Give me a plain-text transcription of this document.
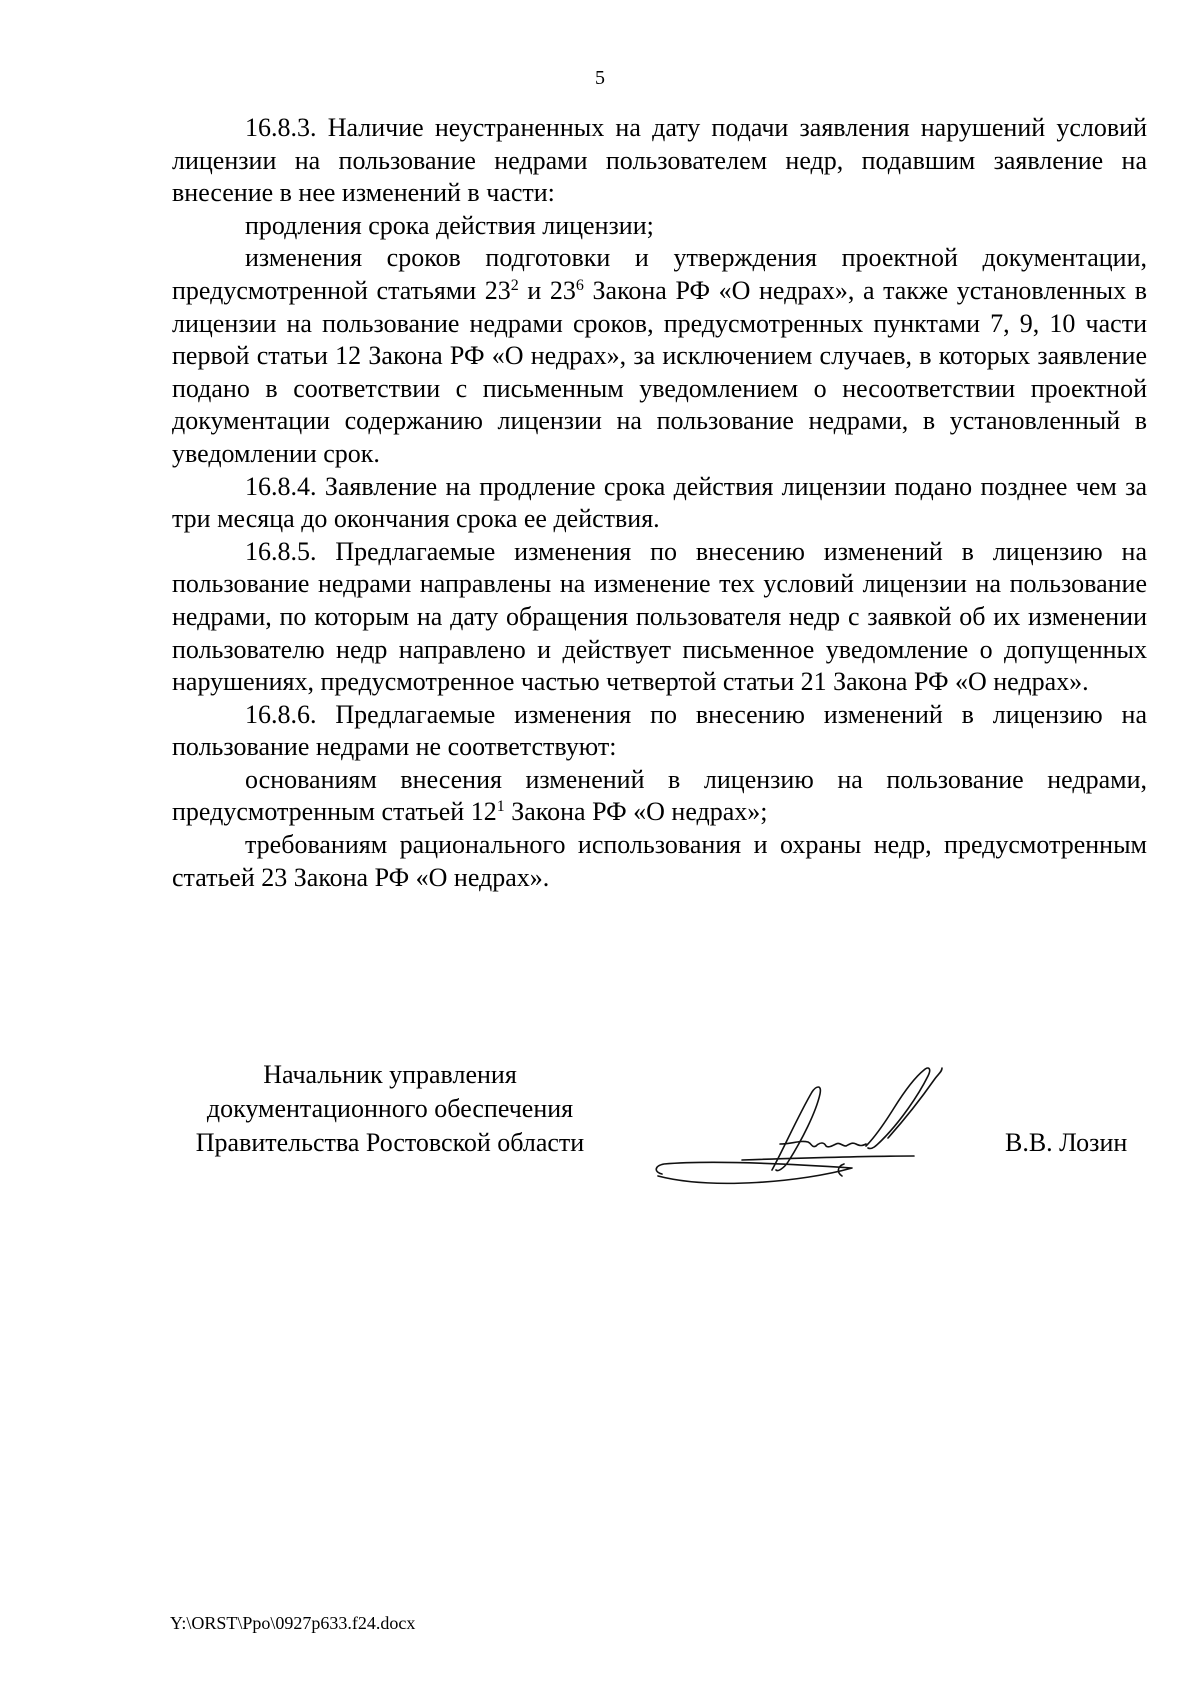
5

16.8.3. Наличие неустраненных на дату подачи заявления нарушений условий лицензии на пользование недрами пользователем недр, подавшим заявление на внесение в нее изменений в части:

продления срока действия лицензии;

изменения сроков подготовки и утверждения проектной документации, предусмотренной статьями $23^2$ и $23^6$ Закона РФ «О недрах», а также установленных в лицензии на пользование недрами сроков, предусмотренных пунктами 7, 9, 10 части первой статьи 12 Закона РФ «О недрах», за исключением случаев, в которых заявление подано в соответствии с письменным уведомлением о несоответствии проектной документации содержанию лицензии на пользование недрами, в установленный в уведомлении срок.

16.8.4. Заявление на продление срока действия лицензии подано позднее чем за три месяца до окончания срока ее действия.

16.8.5. Предлагаемые изменения по внесению изменений в лицензию на пользование недрами направлены на изменение тех условий лицензии на пользование недрами, по которым на дату обращения пользователя недр с заявкой об их изменении пользователю недр направлено и действует письменное уведомление о допущенных нарушениях, предусмотренное частью четвертой статьи 21 Закона РФ «О недрах».

16.8.6. Предлагаемые изменения по внесению изменений в лицензию на пользование недрами не соответствуют:

основаниям внесения изменений в лицензию на пользование недрами, предусмотренным статьей $12^1$ Закона РФ «О недрах»;

требованиям рационального использования и охраны недр, предусмотренным статьей 23 Закона РФ «О недрах».

Начальник управления
документационного обеспечения
Правительства Ростовской области	В.В. Лозин
Y:\ORST\Ppo\0927p633.f24.docx
